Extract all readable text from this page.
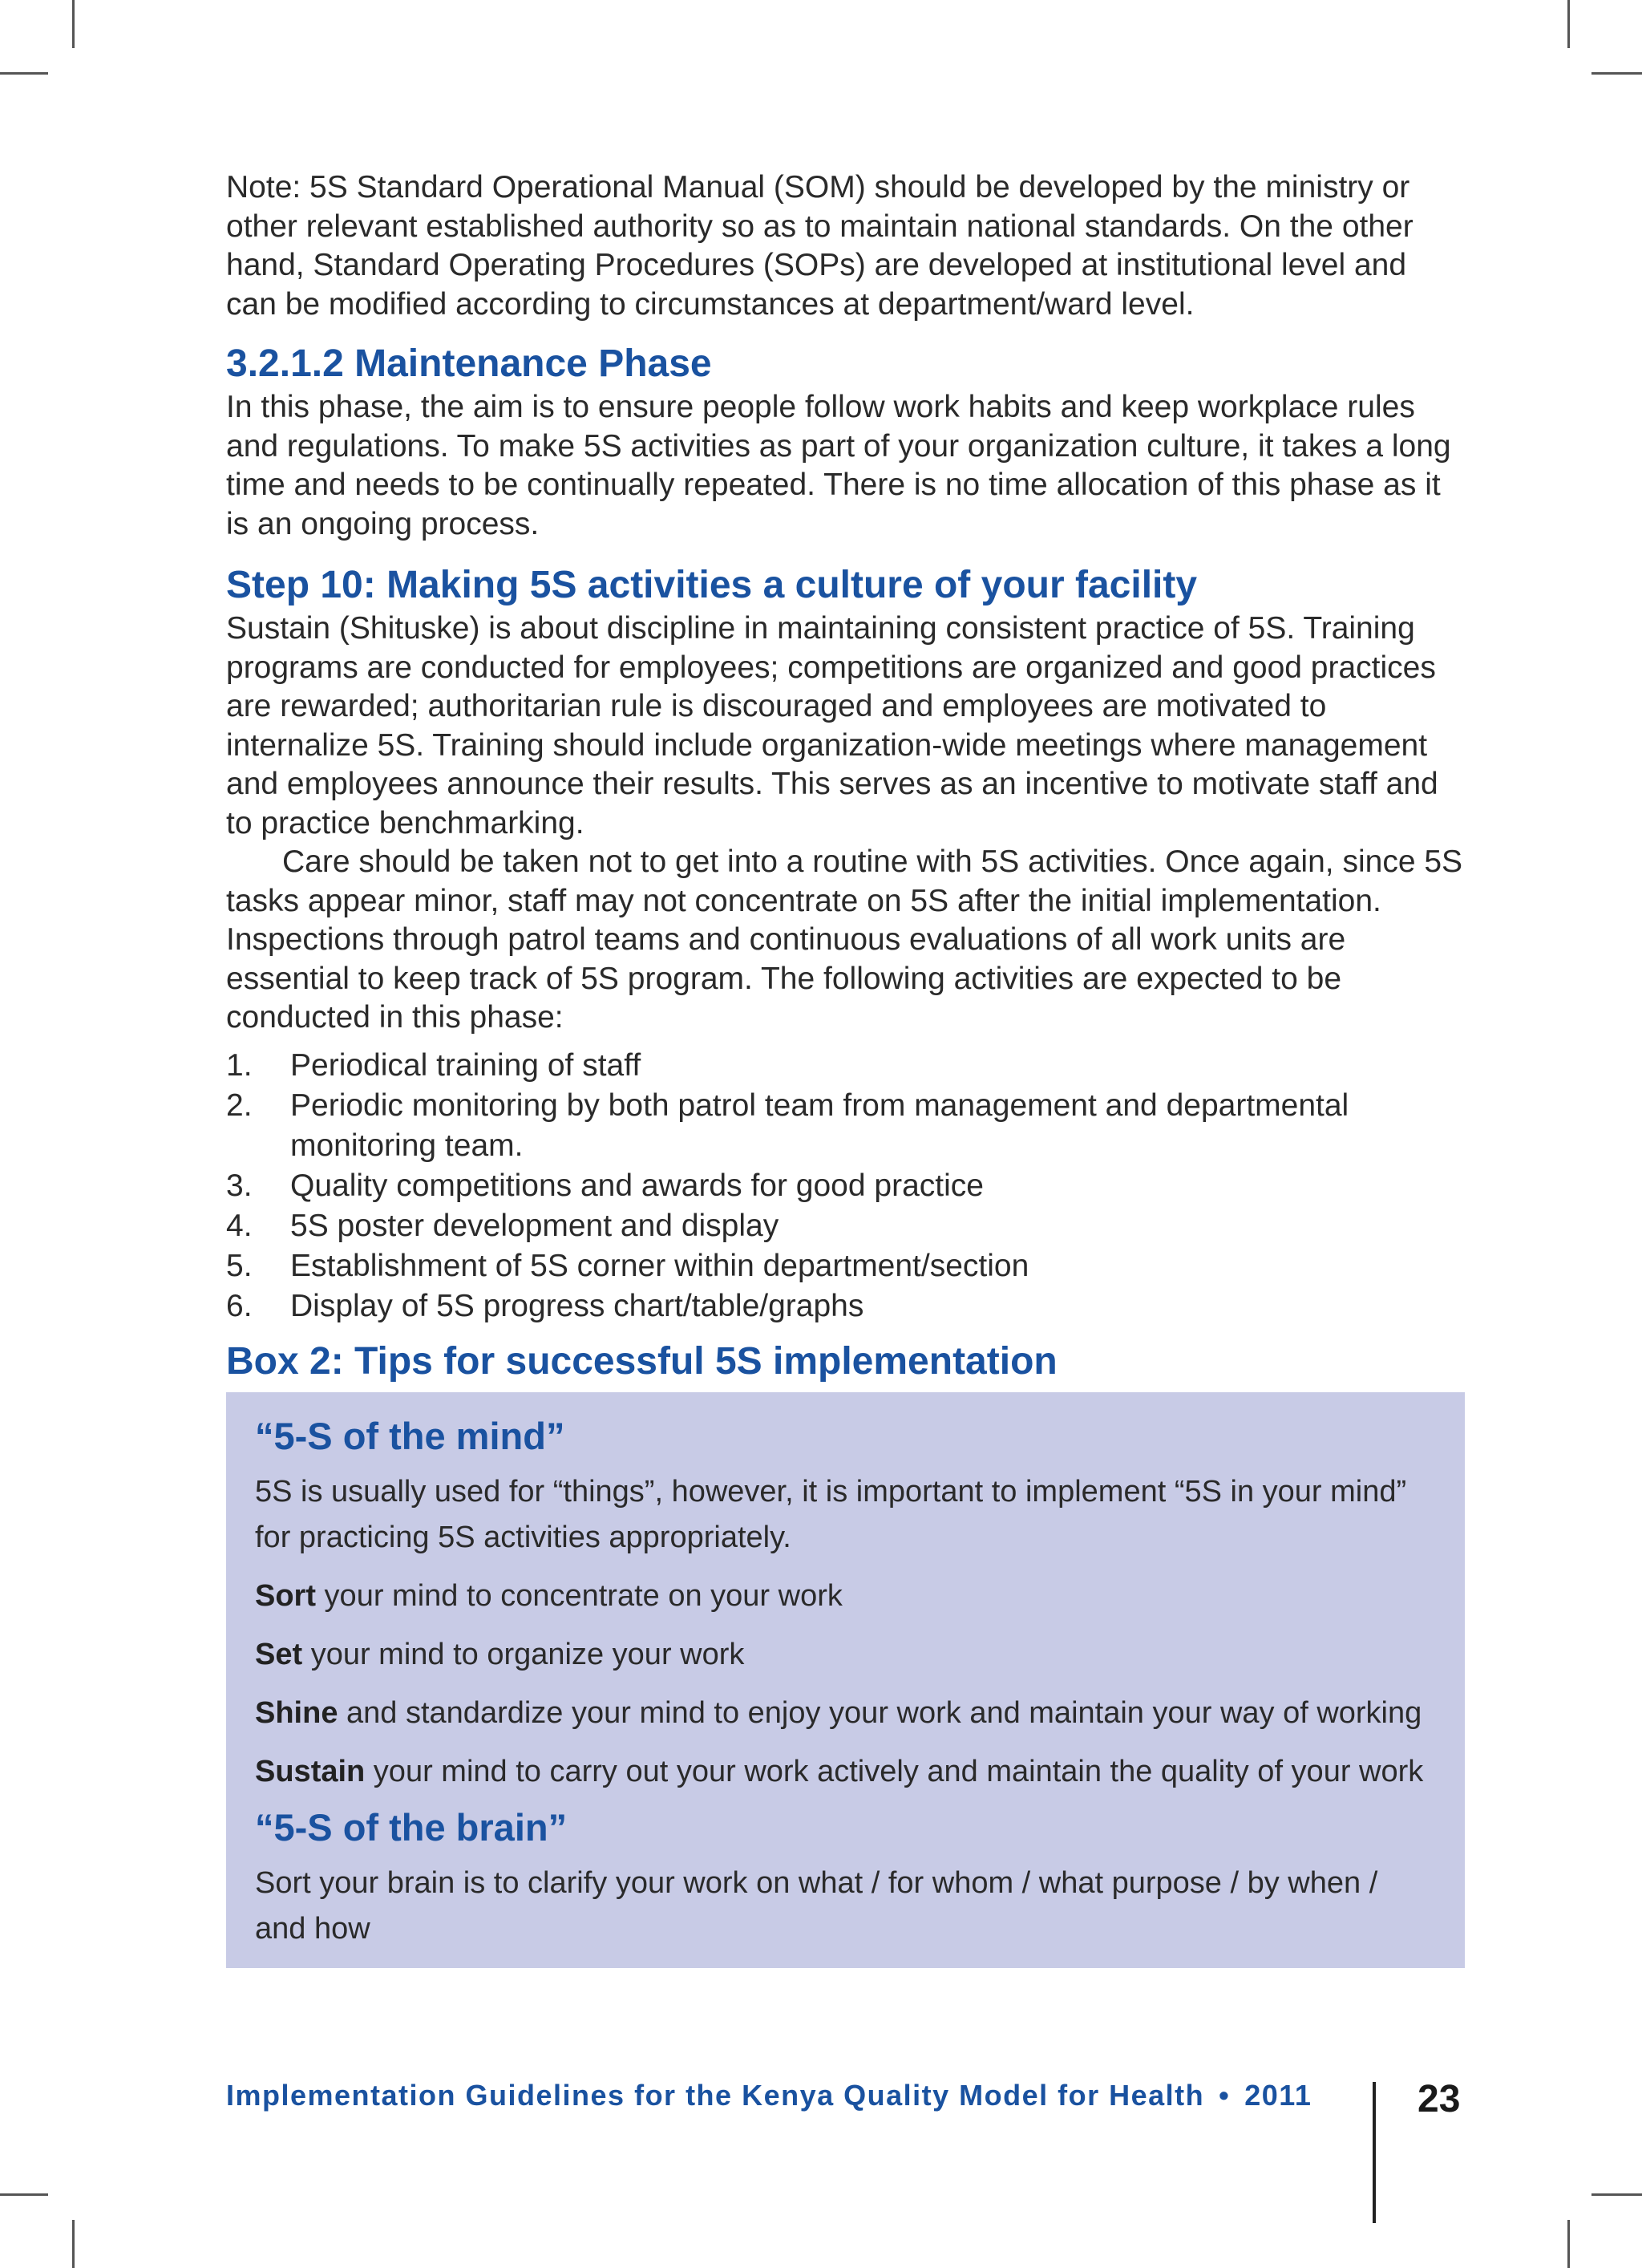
Note: 5S Standard Operational Manual (SOM) should be developed by the ministry or other relevant established authority so as to maintain national standards. On the other hand, Standard Operating Procedures (SOPs) are developed at institutional level and can be modified according to circumstances at department/ward level.

3.2.1.2 Maintenance Phase

In this phase, the aim is to ensure people follow work habits and keep workplace rules and regulations. To make 5S activities as part of your organization culture, it takes a long time and needs to be continually repeated. There is no time allocation of this phase as it is an ongoing process.

Step 10: Making 5S activities a culture of your facility

Sustain (Shituske) is about discipline in maintaining consistent practice of 5S. Training programs are conducted for employees; competitions are organized and good practices are rewarded; authoritarian rule is discouraged and employees are motivated to internalize 5S. Training should include organization-wide meetings where management and employees announce their results. This serves as an incentive to motivate staff and to practice benchmarking.

Care should be taken not to get into a routine with 5S activities. Once again, since 5S tasks appear minor, staff may not concentrate on 5S after the initial implementation. Inspections through patrol teams and continuous evaluations of all work units are essential to keep track of 5S program. The following activities are expected to be conducted in this phase:

1. Periodical training of staff
2. Periodic monitoring by both patrol team from management and departmental monitoring team.
3. Quality competitions and awards for good practice
4. 5S poster development and display
5. Establishment of 5S corner within department/section
6. Display of 5S progress chart/table/graphs
Box 2: Tips for successful 5S implementation
“5-S of the mind”

5S is usually used for “things”, however, it is important to implement “5S in your mind” for practicing 5S activities appropriately.

Sort your mind to concentrate on your work

Set your mind to organize your work

Shine and standardize your mind to enjoy your work and maintain your way of working

Sustain your mind to carry out your work actively and maintain the quality of your work

“5-S of the brain”

Sort your brain is to clarify your work on what / for whom / what purpose / by when / and how

Implementation Guidelines for the Kenya Quality Model for Health • 2011	23
